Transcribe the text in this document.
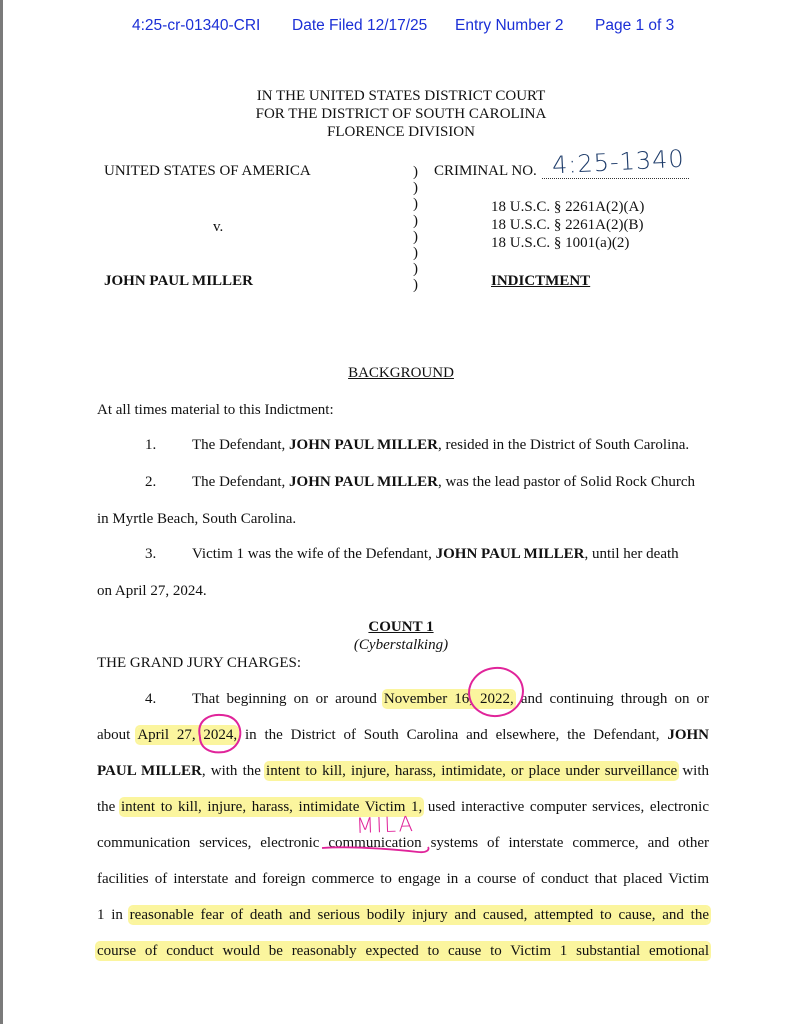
4:25-cr-01340-CRI Date Filed 12/17/25 Entry Number 2 Page 1 of 3
IN THE UNITED STATES DISTRICT COURT
FOR THE DISTRICT OF SOUTH CAROLINA
FLORENCE DIVISION
UNITED STATES OF AMERICA
v.
JOHN PAUL MILLER
)
)
)
)
)
)
)
)
CRIMINAL NO. 4:25-1340
18 U.S.C. § 2261A(2)(A)
18 U.S.C. § 2261A(2)(B)
18 U.S.C. § 1001(a)(2)
INDICTMENT
BACKGROUND
At all times material to this Indictment:
1. The Defendant, JOHN PAUL MILLER, resided in the District of South Carolina.
2. The Defendant, JOHN PAUL MILLER, was the lead pastor of Solid Rock Church
in Myrtle Beach, South Carolina.
3. Victim 1 was the wife of the Defendant, JOHN PAUL MILLER, until her death
on April 27, 2024.
COUNT 1
(Cyberstalking)
THE GRAND JURY CHARGES:
4. That beginning on or around November 16, 2022, and continuing through on or
about April 27, 2024, in the District of South Carolina and elsewhere, the Defendant, JOHN
PAUL MILLER, with the intent to kill, injure, harass, intimidate, or place under surveillance with
the intent to kill, injure, harass, intimidate Victim 1, used interactive computer services, electronic
communication services, electronic communication systems of interstate commerce, and other
facilities of interstate and foreign commerce to engage in a course of conduct that placed Victim
1 in reasonable fear of death and serious bodily injury and caused, attempted to cause, and the
course of conduct would be reasonably expected to cause to Victim 1 substantial emotional
MILA
